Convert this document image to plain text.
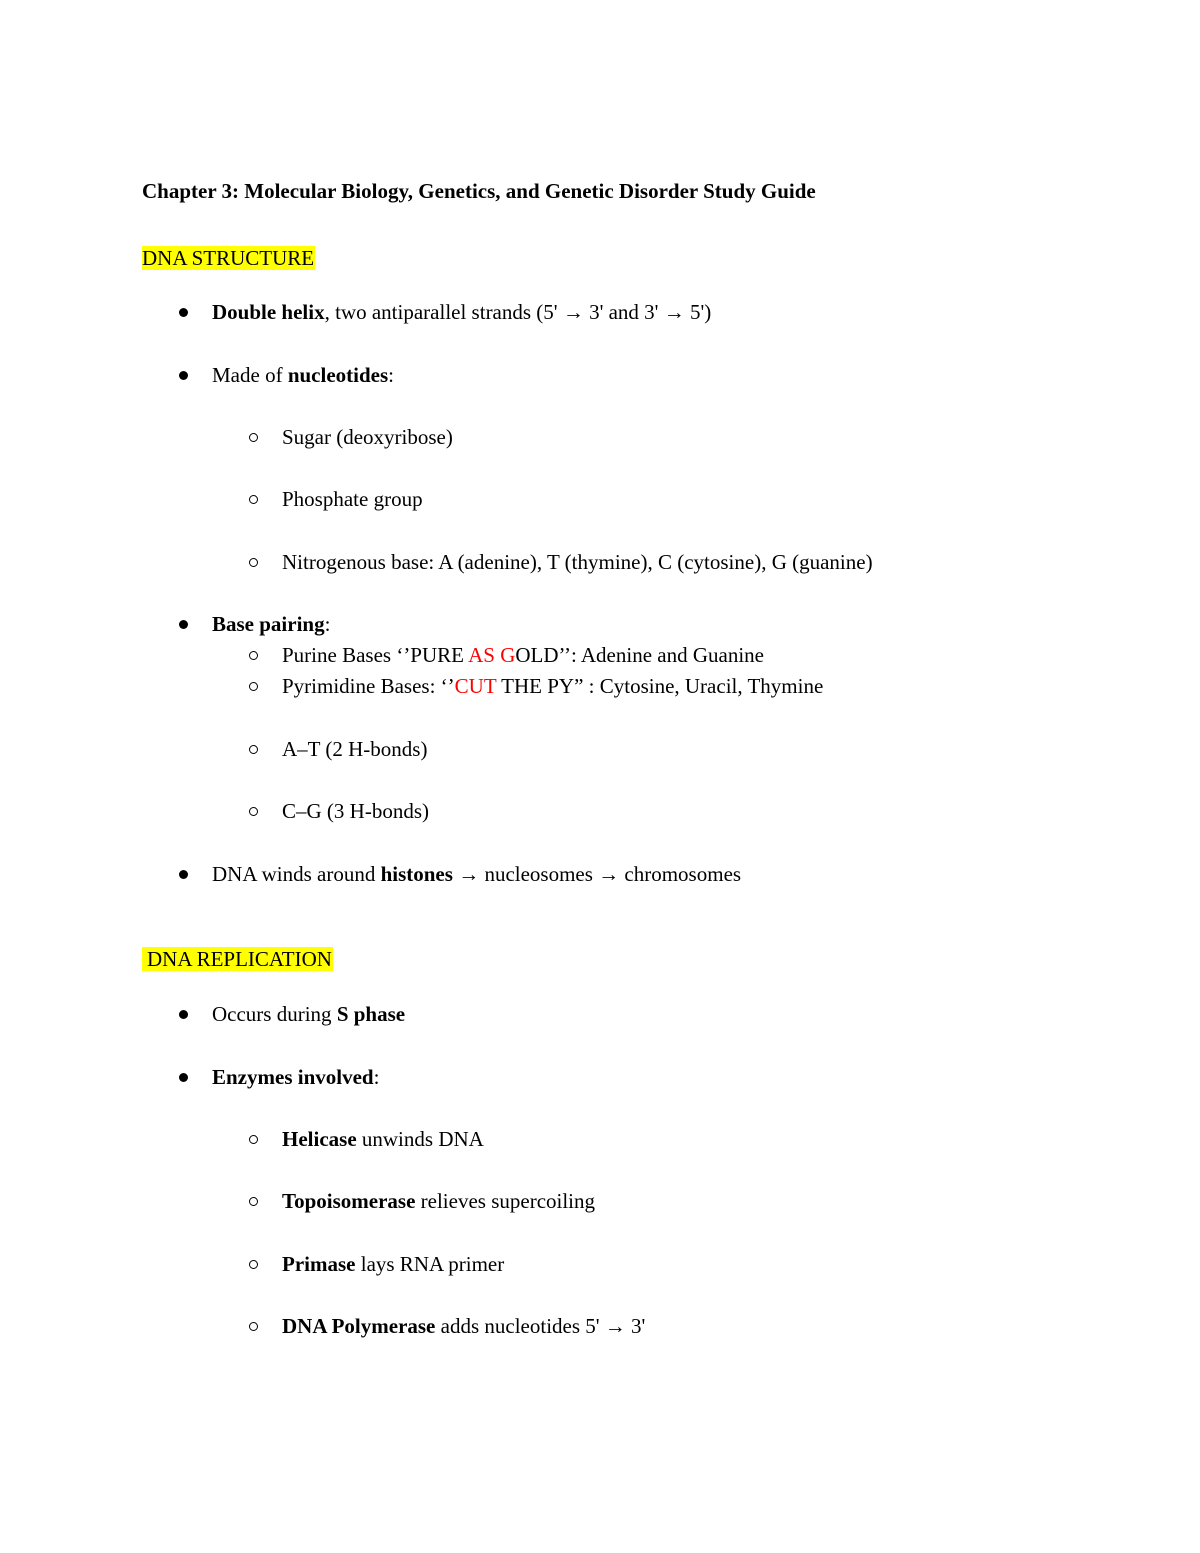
Chapter 3: Molecular Biology, Genetics, and Genetic Disorder Study Guide
DNA STRUCTURE
Double helix, two antiparallel strands (5' → 3' and 3' → 5')
Made of nucleotides:
Sugar (deoxyribose)
Phosphate group
Nitrogenous base: A (adenine), T (thymine), C (cytosine), G (guanine)
Base pairing:
Purine Bases ‘’PURE AS GOLD’’: Adenine and Guanine
Pyrimidine Bases: ‘’CUT THE PY” : Cytosine, Uracil, Thymine
A–T (2 H-bonds)
C–G (3 H-bonds)
DNA winds around histones → nucleosomes → chromosomes
DNA REPLICATION
Occurs during S phase
Enzymes involved:
Helicase unwinds DNA
Topoisomerase relieves supercoiling
Primase lays RNA primer
DNA Polymerase adds nucleotides 5' → 3'
